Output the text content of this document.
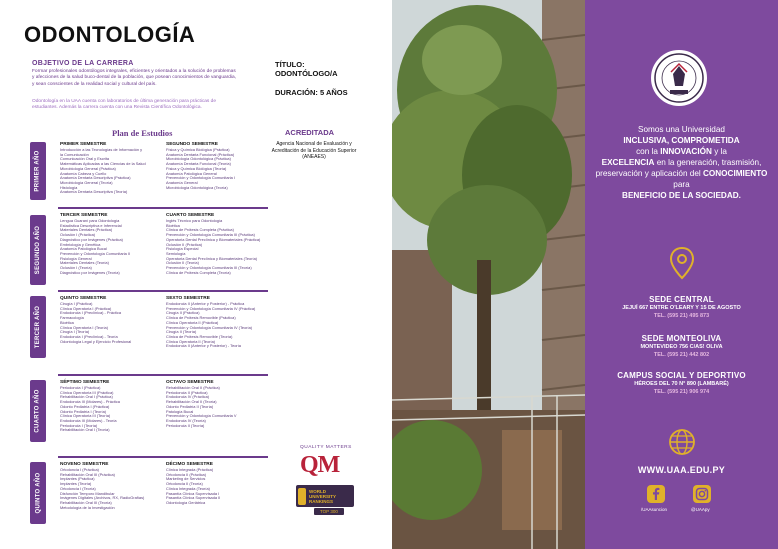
ODONTOLOGÍA
OBJETIVO DE LA CARRERA
Formar profesionales odontólogos integrales, eficientes y orientados a la solución de problemas y afecciones de la salud buco-dental de la población, que posean conocimientos de vanguardia, y sean conscientes de la realidad social y cultural del país.
Odontología en la UAA cuenta con laboratorios de última generación para prácticas de estudiantes. Además la carrera cuenta con una Revista Científica Odontológica.
TÍTULO:
ODONTÓLOGO/A
DURACIÓN: 5 AÑOS
Plan de Estudios	ACREDITADA
Agencia Nacional de Evaluación y Acreditación de la Educación Superior (ANEAES)
PRIMER AÑO
SEGUNDO AÑO
TERCER AÑO
CUARTO AÑO
QUINTO AÑO
PRIMER SEMESTRE
Introducción a las Tecnologías de Información y
la Comunicación
Comunicación Oral y Escrita
Matemáticas Aplicadas a las Ciencias de la Salud
Microbiología General (Práctica)
Anatomía Cabeza y Cuello
Anatomía Dentaria Descriptiva (Práctica)
Microbiología General (Teoría)
Histología
Anatomía Dentaria Descriptiva (Teoría)
SEGUNDO SEMESTRE
Física y Química Biológica (Práctica)
Anatomía Dentaria Funcional (Práctica)
Microbiología Odontológica (Práctica)
Anatomía Dentaria Funcional (Teoría)
Física y Química Biológica (Teoría)
Anatomía Patológica General
Prevención y Odontología Comunitaria I
Anatomía General
Microbiología Odontológica (Teoría)
TERCER SEMESTRE
Lengua Guaraní para Odontología
Estadística Descriptiva e Inferencial
Materiales Dentales (Práctica)
Oclusión I (Práctica)
Diagnóstico por Imágenes (Práctica)
Embriología y Genética
Anatomía Patológica Bucal
Prevención y Odontología Comunitaria II
Fisiología General
Materiales Dentales (Teoría)
Oclusión I (Teoría)
Diagnóstico por Imágenes (Teoría)
CUARTO SEMESTRE
Inglés Técnico para Odontología
Bioética
Clínica de Prótesis Completa (Práctica)
Prevención y Odontología Comunitaria III (Práctica)
Operatoria Dental Preclínica y Biomateriales (Práctica)
Oclusión II (Práctica)
Fisiología Especial
Semiología
Operatoria Dental Preclínica y Biomateriales (Teoría)
Oclusión II (Teoría)
Prevención y Odontología Comunitaria III (Teoría)
Clínica de Prótesis Completa (Teoría)
QUINTO SEMESTRE
Cirugía I (Práctica)
Clínica Operatoria I (Práctica)
Endodoncia I (Preclínica) - Práctica
Farmacología
Bioética
Clínica Operatoria I (Teoría)
Cirugía I (Teoría)
Endodoncia I (Preclínica) - Teoría
Odontología Legal y Ejercicio Profesional
SEXTO SEMESTRE
Endodoncia II (Anterior y Posterior) - Práctica
Prevención y Odontología Comunitaria IV (Práctica)
Cirugía II (Práctica)
Clínica de Prótesis Removible (Práctica)
Clínica Operatoria II (Práctica)
Prevención y Odontología Comunitaria IV (Teoría)
Cirugía II (Teoría)
Clínica de Prótesis Removible (Teoría)
Clínica Operatoria II (Teoría)
Endodoncia II (Anterior y Posterior) - Teoría
SÉPTIMO SEMESTRE
Periodoncia I (Práctica)
Clínica Operatoria III (Práctica)
Rehabilitación Oral I (Práctica)
Endodoncia III (Molares) - Práctica
Odonto Pediatría I (Práctica)
Odonto Pediatría I (Teoría)
Clínica Operatoria III (Teoría)
Endodoncia III (Molares) - Teoría
Periodoncia I (Teoría)
Rehabilitación Oral I (Teoría)
OCTAVO SEMESTRE
Rehabilitación Oral II (Práctica)
Periodoncia II (Práctica)
Endodoncia IV (Práctica)
Rehabilitación Oral II (Teoría)
Odonto Pediatría II (Teoría)
Patología Bucal
Prevención y Odontología Comunitaria V
Endodoncia IV (Teoría)
Periodoncia II (Teoría)
NOVENO SEMESTRE
Ortodoncia I (Práctica)
Rehabilitación Oral III (Práctica)
Implantes (Práctica)
Implantes (Teoría)
Ortodoncia I (Teoría)
Disfunción Temporo Mandibular
Imágenes Digitales (Archivos, RX, RadioGrafías)
Rehabilitación Oral III (Teoría)
Metodología de la Investigación
DÉCIMO SEMESTRE
Clínica Integrada (Práctica)
Ortodoncia II (Práctica)
Marketing de Servicios
Ortodoncia II (Teoría)
Clínica Integrada (Teoría)
Pasantía Clínica Supervisada I
Pasantía Clínica Supervisada II
Odontología Geriátrica
QUALITY MATTERS
QM
WORLD UNIVERSITY RANKINGS
TOP 300
Somos una Universidad
INCLUSIVA, COMPROMETIDA
con la INNOVACIÓN y la
EXCELENCIA en la generación, trasmisión, preservación y aplicación del CONOCIMIENTO para
BENEFICIO DE LA SOCIEDAD.
SEDE CENTRAL
JEJUÍ 667 ENTRE O'LEARY Y 15 DE AGOSTO
TEL. (595 21) 495 873
SEDE MONTEOLIVA
MONTEVIDEO 756 C/AS! OLIVA
TEL. (595 21) 442 802
CAMPUS SOCIAL Y DEPORTIVO
HÉROES DEL 70 N° 890 (LAMBARÉ)
TEL. (595 21) 906 974
WWW.UAA.EDU.PY
/UAAsuncion	@UAApy
